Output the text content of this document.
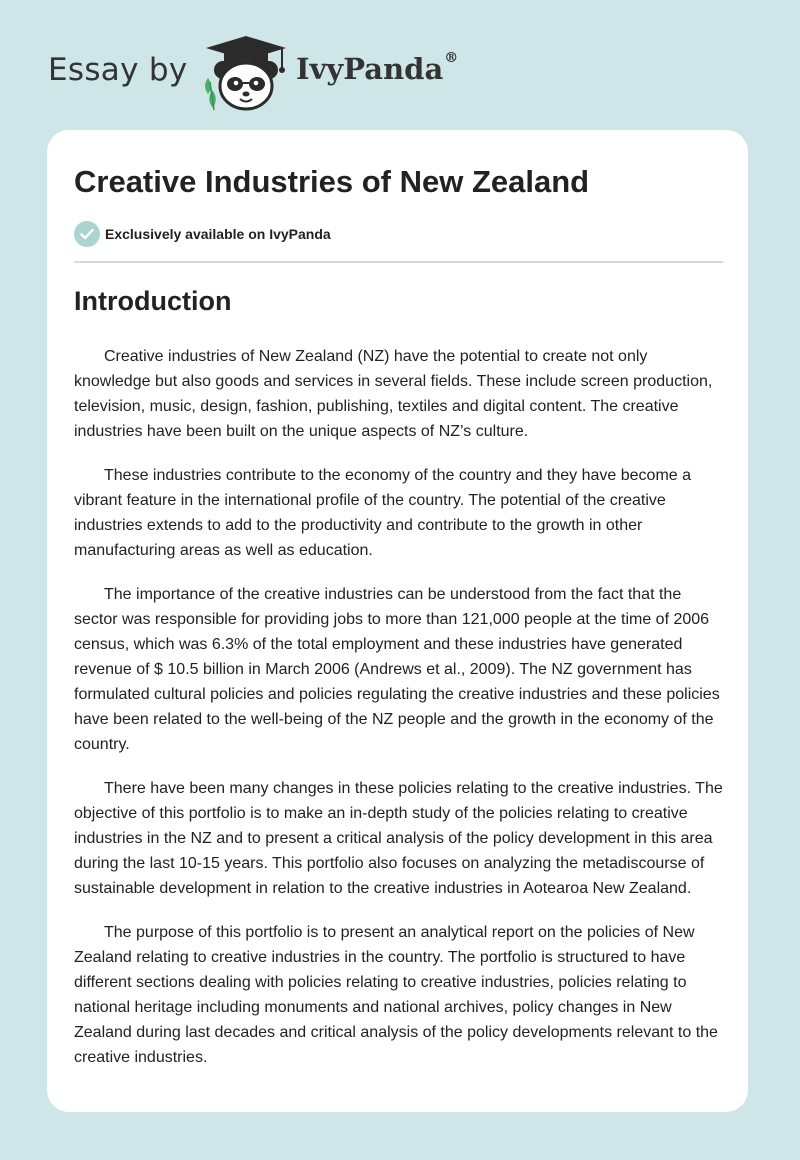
Essay by	IvyPanda®
Creative Industries of New Zealand
Exclusively available on IvyPanda
Introduction

Creative industries of New Zealand (NZ) have the potential to create not only knowledge but also goods and services in several fields. These include screen production, television, music, design, fashion, publishing, textiles and digital content. The creative industries have been built on the unique aspects of NZ’s culture.

These industries contribute to the economy of the country and they have become a vibrant feature in the international profile of the country. The potential of the creative industries extends to add to the productivity and contribute to the growth in other manufacturing areas as well as education.

The importance of the creative industries can be understood from the fact that the sector was responsible for providing jobs to more than 121,000 people at the time of 2006 census, which was 6.3% of the total employment and these industries have generated revenue of $ 10.5 billion in March 2006 (Andrews et al., 2009). The NZ government has formulated cultural policies and policies regulating the creative industries and these policies have been related to the well-being of the NZ people and the growth in the economy of the country.

There have been many changes in these policies relating to the creative industries. The objective of this portfolio is to make an in-depth study of the policies relating to creative industries in the NZ and to present a critical analysis of the policy development in this area during the last 10-15 years. This portfolio also focuses on analyzing the metadiscourse of sustainable development in relation to the creative industries in Aotearoa New Zealand.

The purpose of this portfolio is to present an analytical report on the policies of New Zealand relating to creative industries in the country. The portfolio is structured to have different sections dealing with policies relating to creative industries, policies relating to national heritage including monuments and national archives, policy changes in New Zealand during last decades and critical analysis of the policy developments relevant to the creative industries.
